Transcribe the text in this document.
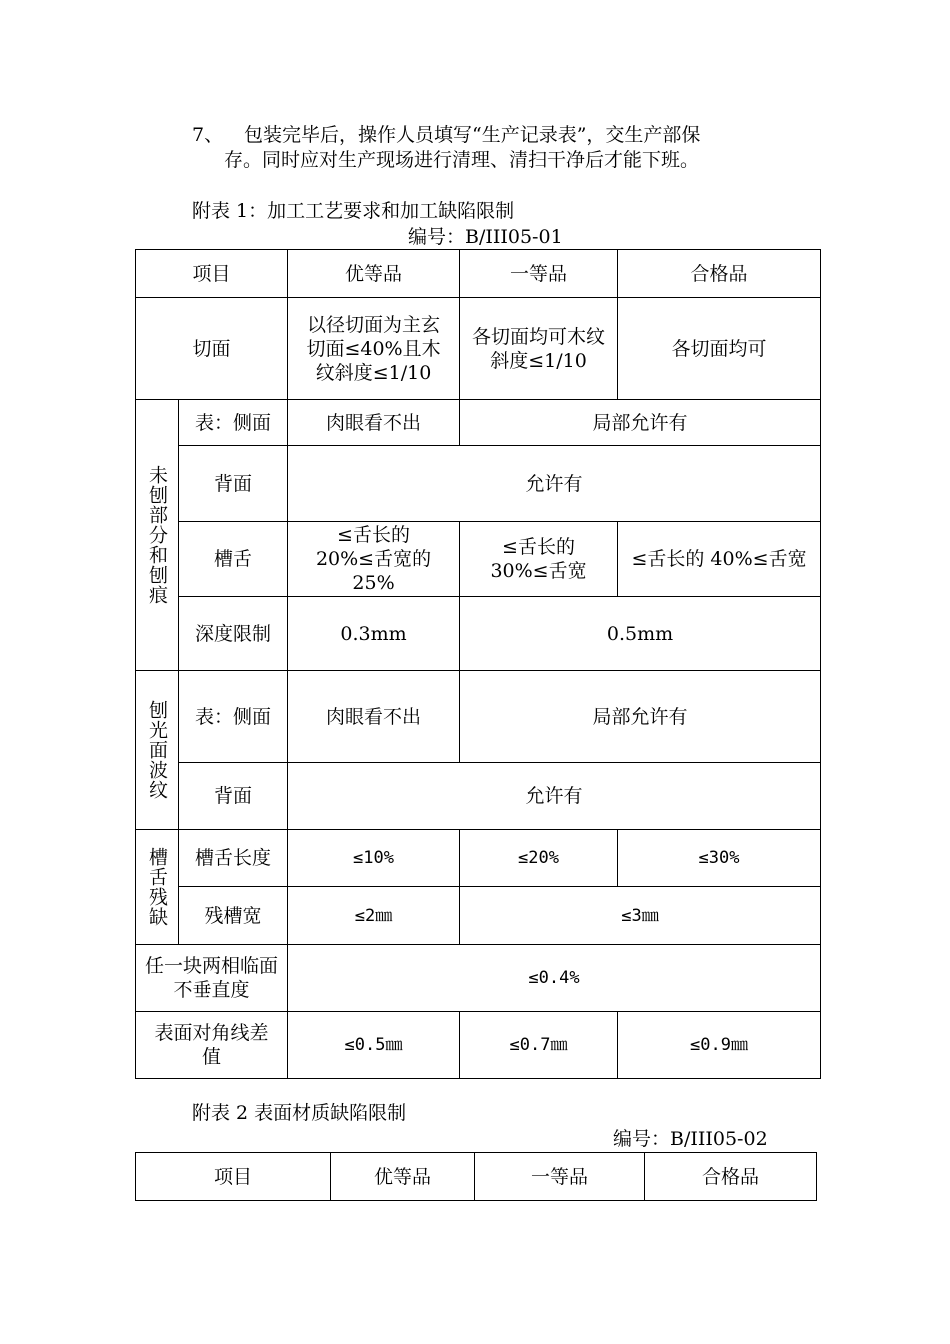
7、 包装完毕后，操作人员填写“生产记录表”，交生产部保
存。同时应对生产现场进行清理、清扫干净后才能下班。
附表 1：加工工艺要求和加工缺陷限制
编号：B/III05-01
项目		优等品	一等品	合格品
切面		以径切面为主玄切面≤40%且木纹斜度≤1/10	各切面均可木纹斜度≤1/10	各切面均可
未刨部分和刨痕	表：侧面	肉眼看不出	局部允许有	
	背面	允许有		
	槽舌	≤舌长的 20%≤舌宽的 25%	≤舌长的 30%≤舌宽	≤舌长的 40%≤舌宽
	深度限制	0.3mm	0.5mm	
刨光面波纹	表：侧面	肉眼看不出	局部允许有	
	背面	允许有		
槽舌残缺	槽舌长度	≤10%	≤20%	≤30%
	残槽宽	≤2㎜	≤3㎜	
任一块两相临面不垂直度		≤0.4%		
表面对角线差值		≤0.5㎜	≤0.7㎜	≤0.9㎜
附表 2 表面材质缺陷限制
编号：B/III05-02
项目	优等品	一等品	合格品
